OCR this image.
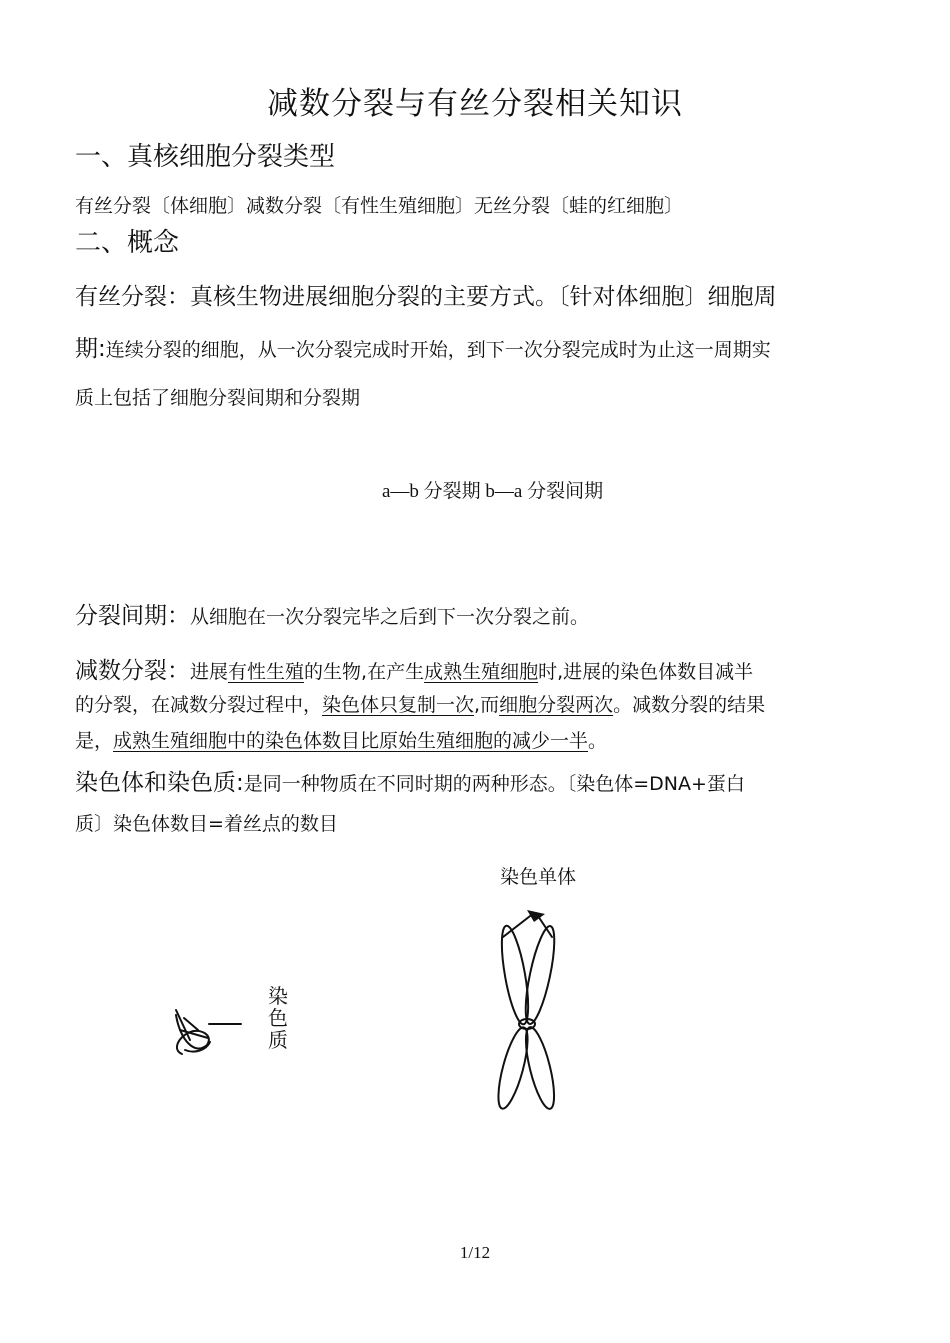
减数分裂与有丝分裂相关知识
一、真核细胞分裂类型
有丝分裂〔体细胞〕减数分裂〔有性生殖细胞〕无丝分裂〔蛙的红细胞〕
二、概念
有丝分裂：真核生物进展细胞分裂的主要方式。〔针对体细胞〕细胞周
期:连续分裂的细胞，从一次分裂完成时开始，到下一次分裂完成时为止这一周期实
质上包括了细胞分裂间期和分裂期
a—b 分裂期 b—a 分裂间期
分裂间期：从细胞在一次分裂完毕之后到下一次分裂之前。
减数分裂：进展有性生殖的生物,在产生成熟生殖细胞时,进展的染色体数目减半
的分裂，在减数分裂过程中，染色体只复制一次,而细胞分裂两次。减数分裂的结果
是，成熟生殖细胞中的染色体数目比原始生殖细胞的减少一半。
染色体和染色质:是同一种物质在不同时期的两种形态。〔染色体=DNA+蛋白
质〕染色体数目=着丝点的数目
染色单体
染色质
1/12
